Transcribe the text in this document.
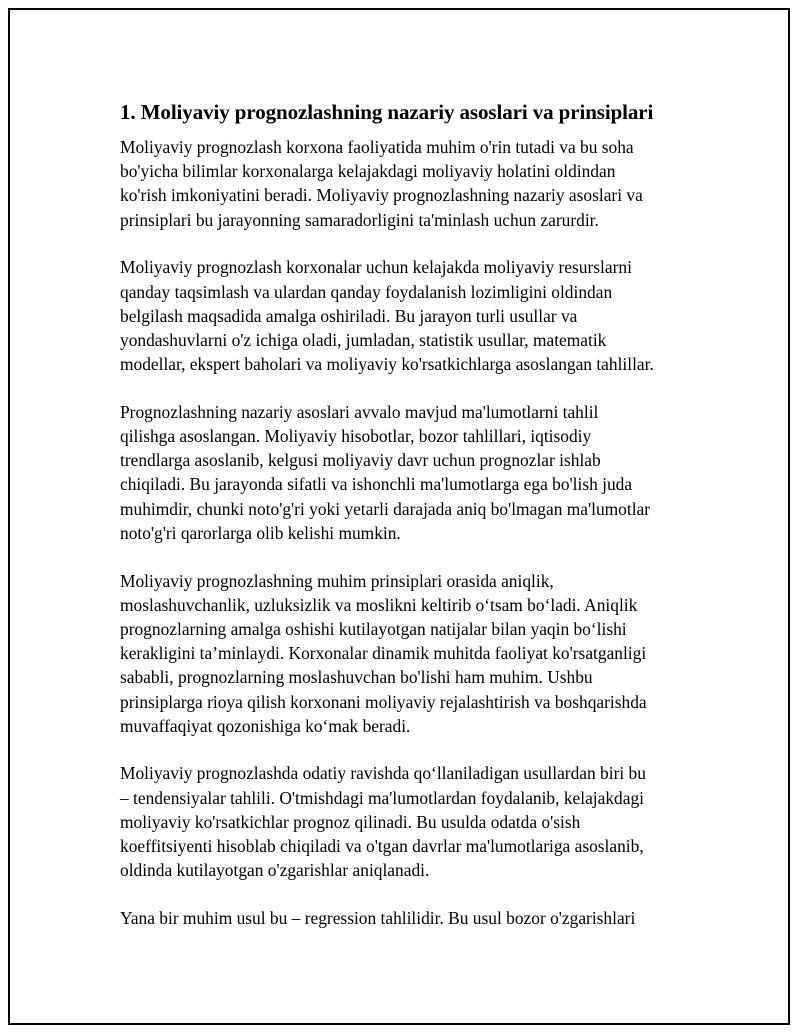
1. Moliyaviy prognozlashning nazariy asoslari va prinsiplari
Moliyaviy prognozlash korxona faoliyatida muhim o'rin tutadi va bu soha
bo'yicha bilimlar korxonalarga kelajakdagi moliyaviy holatini oldindan
ko'rish imkoniyatini beradi. Moliyaviy prognozlashning nazariy asoslari va
prinsiplari bu jarayonning samaradorligini ta'minlash uchun zarurdir.
Moliyaviy prognozlash korxonalar uchun kelajakda moliyaviy resurslarni
qanday taqsimlash va ulardan qanday foydalanish lozimligini oldindan
belgilash maqsadida amalga oshiriladi. Bu jarayon turli usullar va
yondashuvlarni o'z ichiga oladi, jumladan, statistik usullar, matematik
modellar, ekspert baholari va moliyaviy ko'rsatkichlarga asoslangan tahlillar.
Prognozlashning nazariy asoslari avvalo mavjud ma'lumotlarni tahlil
qilishga asoslangan. Moliyaviy hisobotlar, bozor tahlillari, iqtisodiy
trendlarga asoslanib, kelgusi moliyaviy davr uchun prognozlar ishlab
chiqiladi. Bu jarayonda sifatli va ishonchli ma'lumotlarga ega bo'lish juda
muhimdir, chunki noto'g'ri yoki yetarli darajada aniq bo'lmagan ma'lumotlar
noto'g'ri qarorlarga olib kelishi mumkin.
Moliyaviy prognozlashning muhim prinsiplari orasida aniqlik,
moslashuvchanlik, uzluksizlik va moslikni keltirib o‘tsam bo‘ladi. Aniqlik
prognozlarning amalga oshishi kutilayotgan natijalar bilan yaqin bo‘lishi
kerakligini ta’minlaydi. Korxonalar dinamik muhitda faoliyat ko'rsatganligi
sababli, prognozlarning moslashuvchan bo'lishi ham muhim. Ushbu
prinsiplarga rioya qilish korxonani moliyaviy rejalashtirish va boshqarishda
muvaffaqiyat qozonishiga ko‘mak beradi.
Moliyaviy prognozlashda odatiy ravishda qo‘llaniladigan usullardan biri bu
– tendensiyalar tahlili. O'tmishdagi ma'lumotlardan foydalanib, kelajakdagi
moliyaviy ko'rsatkichlar prognoz qilinadi. Bu usulda odatda o'sish
koeffitsiyenti hisoblab chiqiladi va o'tgan davrlar ma'lumotlariga asoslanib,
oldinda kutilayotgan o'zgarishlar aniqlanadi.
Yana bir muhim usul bu – regression tahlilidir. Bu usul bozor o'zgarishlari
